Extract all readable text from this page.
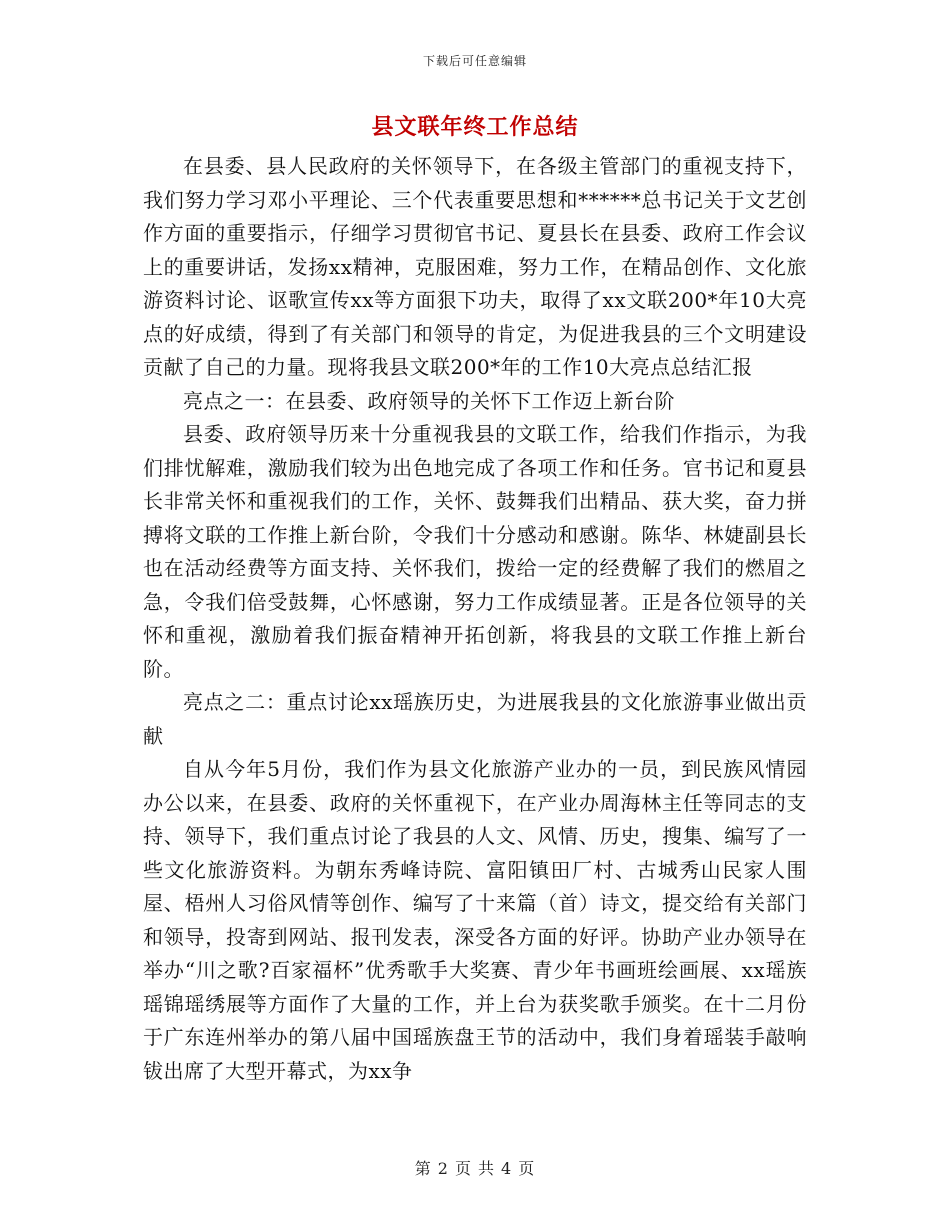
下载后可任意编辑
县文联年终工作总结

在县委、县人民政府的关怀领导下，在各级主管部门的重视支持下，我们努力学习邓小平理论、三个代表重要思想和******总书记关于文艺创作方面的重要指示，仔细学习贯彻官书记、夏县长在县委、政府工作会议上的重要讲话，发扬xx精神，克服困难，努力工作，在精品创作、文化旅游资料讨论、讴歌宣传xx等方面狠下功夫，取得了xx文联200*年10大亮点的好成绩，得到了有关部门和领导的肯定，为促进我县的三个文明建设贡献了自己的力量。现将我县文联200*年的工作10大亮点总结汇报

亮点之一：在县委、政府领导的关怀下工作迈上新台阶

县委、政府领导历来十分重视我县的文联工作，给我们作指示，为我们排忧解难，激励我们较为出色地完成了各项工作和任务。官书记和夏县长非常关怀和重视我们的工作，关怀、鼓舞我们出精品、获大奖，奋力拼搏将文联的工作推上新台阶，令我们十分感动和感谢。陈华、林婕副县长也在活动经费等方面支持、关怀我们，拨给一定的经费解了我们的燃眉之急，令我们倍受鼓舞，心怀感谢，努力工作成绩显著。正是各位领导的关怀和重视，激励着我们振奋精神开拓创新，将我县的文联工作推上新台阶。

亮点之二：重点讨论xx瑶族历史，为进展我县的文化旅游事业做出贡献

自从今年5月份，我们作为县文化旅游产业办的一员，到民族风情园办公以来，在县委、政府的关怀重视下，在产业办周海林主任等同志的支持、领导下，我们重点讨论了我县的人文、风情、历史，搜集、编写了一些文化旅游资料。为朝东秀峰诗院、富阳镇田厂村、古城秀山民家人围屋、梧州人习俗风情等创作、编写了十来篇（首）诗文，提交给有关部门和领导，投寄到网站、报刊发表，深受各方面的好评。协助产业办领导在举办“川之歌?百家福杯”优秀歌手大奖赛、青少年书画班绘画展、xx瑶族瑶锦瑶绣展等方面作了大量的工作，并上台为获奖歌手颁奖。在十二月份于广东连州举办的第八届中国瑶族盘王节的活动中，我们身着瑶装手敲响钹出席了大型开幕式，为xx争

第 2 页 共 4 页
